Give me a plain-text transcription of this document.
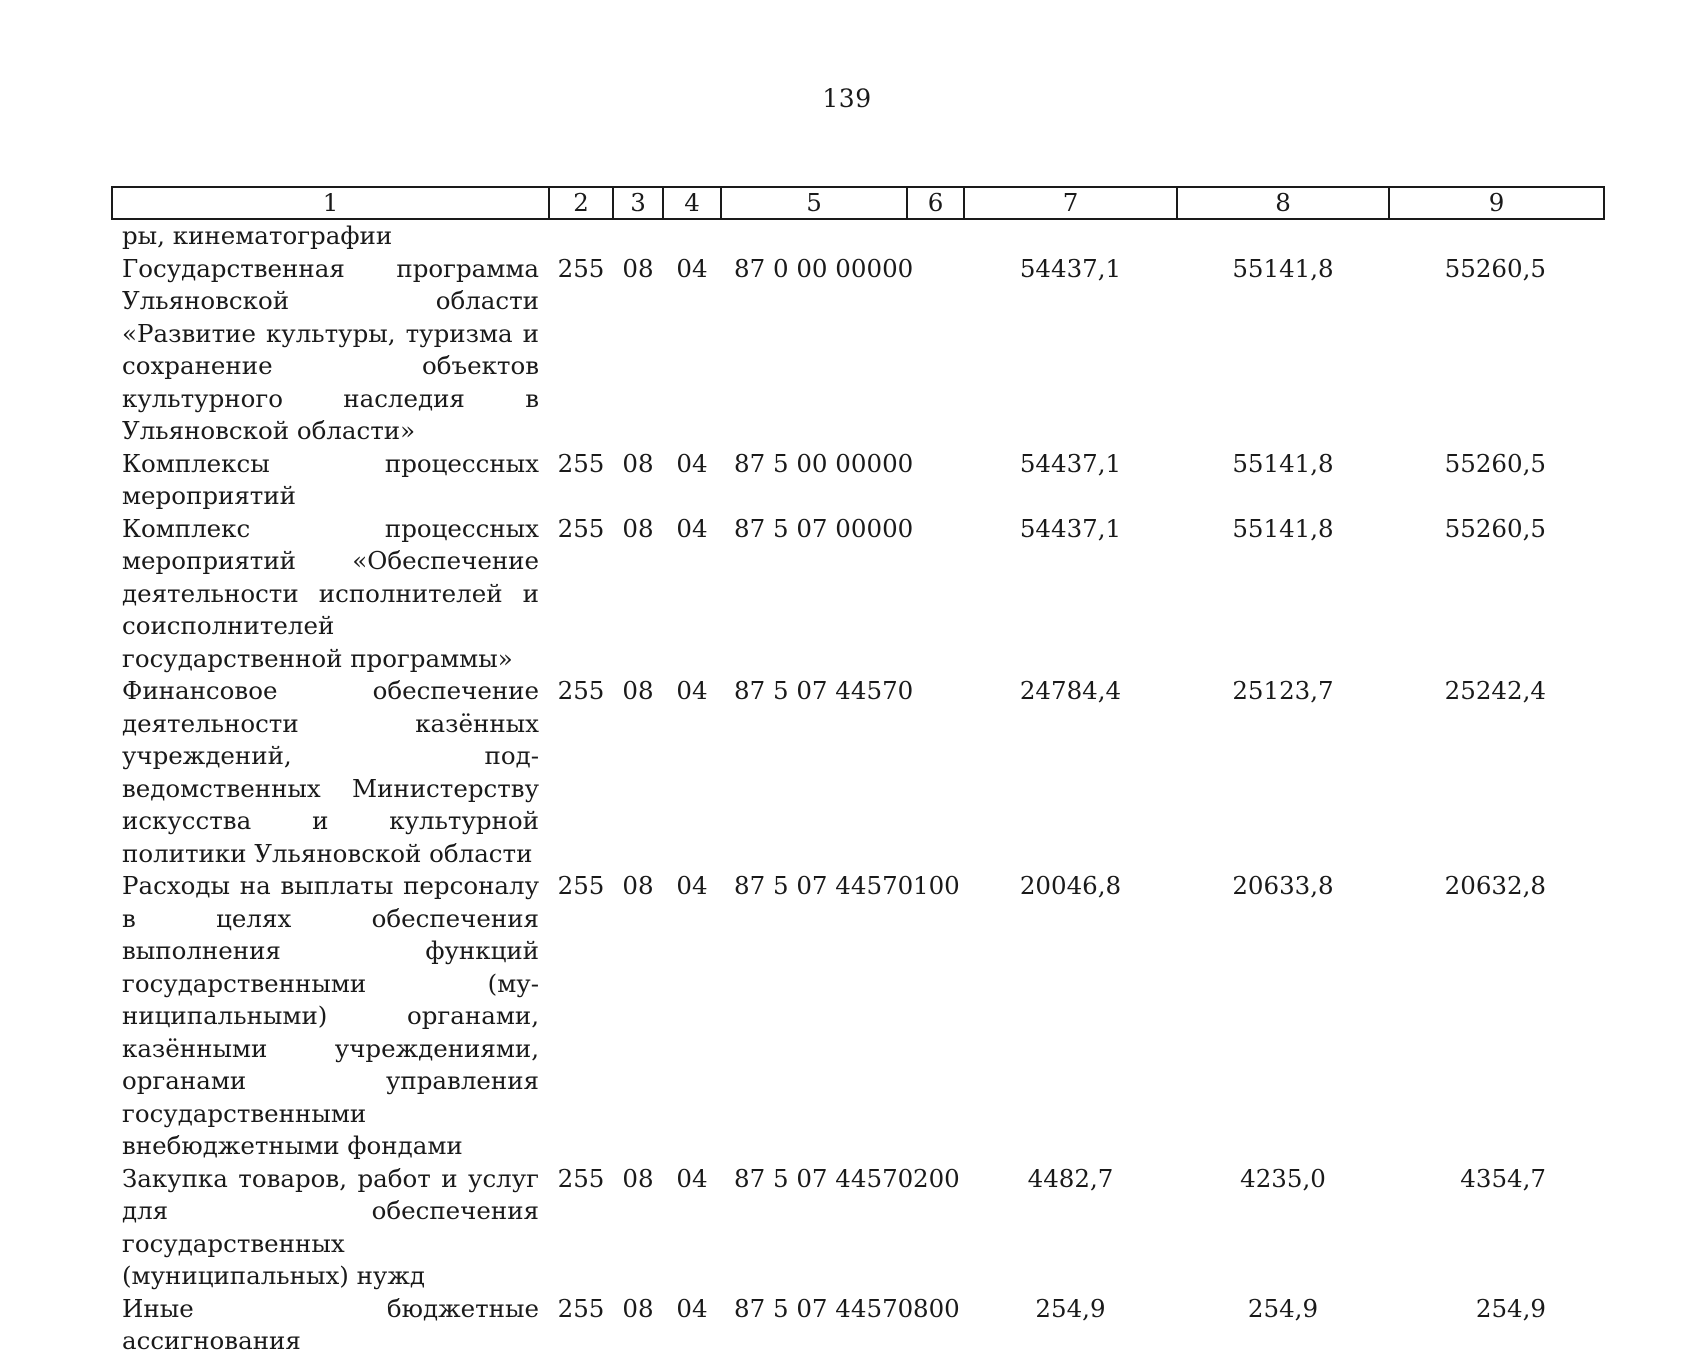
139
1	2	3	4	5	6	7	8	9
ры, кинематографии								
Государственная программа Ульяновской области «Развитие культуры, туризма и сохранение объектов культурного наследия в Ульяновской области»	255	08	04	87 0 00 00000		54437,1	55141,8	55260,5
Комплексы процессных мероприятий	255	08	04	87 5 00 00000		54437,1	55141,8	55260,5
Комплекс процессных мероприятий «Обеспечение деятельности исполнителей и соисполнителей государственной программы»	255	08	04	87 5 07 00000		54437,1	55141,8	55260,5
Финансовое обеспечение деятельности казённых учреждений, подведомственных Министерству искусства и культурной политики Ульяновской области	255	08	04	87 5 07 44570		24784,4	25123,7	25242,4
Расходы на выплаты персоналу в целях обеспечения выполнения функций государственными (муниципальными) органами, казёнными учреждениями, органами управления государственными внебюджетными фондами	255	08	04	87 5 07 44570	100	20046,8	20633,8	20632,8
Закупка товаров, работ и услуг для обеспечения государственных (муниципальных) нужд	255	08	04	87 5 07 44570	200	4482,7	4235,0	4354,7
Иные бюджетные ассигнования	255	08	04	87 5 07 44570	800	254,9	254,9	254,9
